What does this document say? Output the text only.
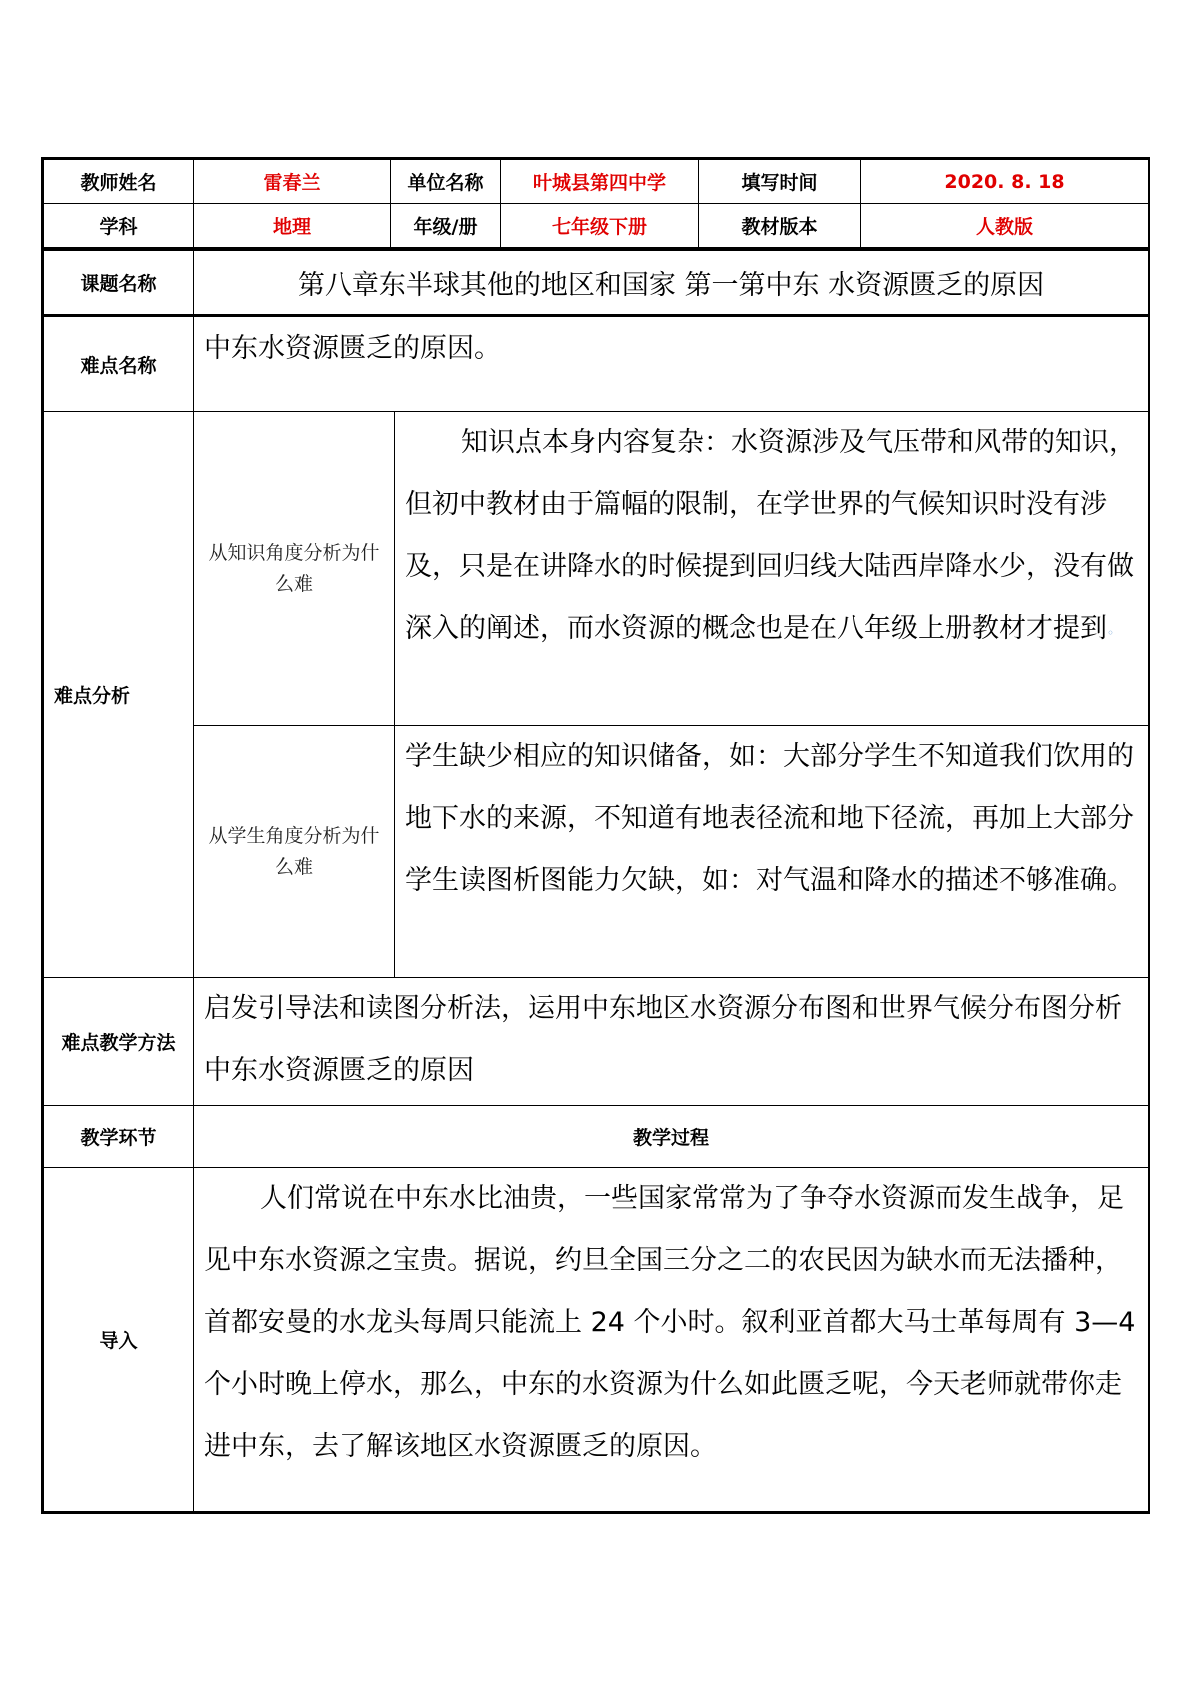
教师姓名	雷春兰	单位名称	叶城县第四中学	填写时间	2020. 8. 18
学科	地理	年级/册	七年级下册	教材版本	人教版
课题名称	第八章东半球其他的地区和国家 第一第中东 水资源匮乏的原因	
难点名称	中东水资源匮乏的原因。	
难点分析	从知识角度分析为什么难	知识点本身内容复杂：水资源涉及气压带和风带的知识，但初中教材由于篇幅的限制，在学世界的气候知识时没有涉及，只是在讲降水的时候提到回归线大陆西岸降水少，没有做深入的阐述，而水资源的概念也是在八年级上册教材才提到◦
	从学生角度分析为什么难	学生缺少相应的知识储备，如：大部分学生不知道我们饮用的地下水的来源，不知道有地表径流和地下径流，再加上大部分学生读图析图能力欠缺，如：对气温和降水的描述不够准确。
难点教学方法	启发引导法和读图分析法，运用中东地区水资源分布图和世界气候分布图分析中东水资源匮乏的原因	
教学环节	教学过程	
导入	人们常说在中东水比油贵，一些国家常常为了争夺水资源而发生战争，足见中东水资源之宝贵。据说，约旦全国三分之二的农民因为缺水而无法播种，首都安曼的水龙头每周只能流上 24 个小时。叙利亚首都大马士革每周有 3—4 个小时晚上停水，那么，中东的水资源为什么如此匮乏呢，今天老师就带你走进中东，去了解该地区水资源匮乏的原因。	
